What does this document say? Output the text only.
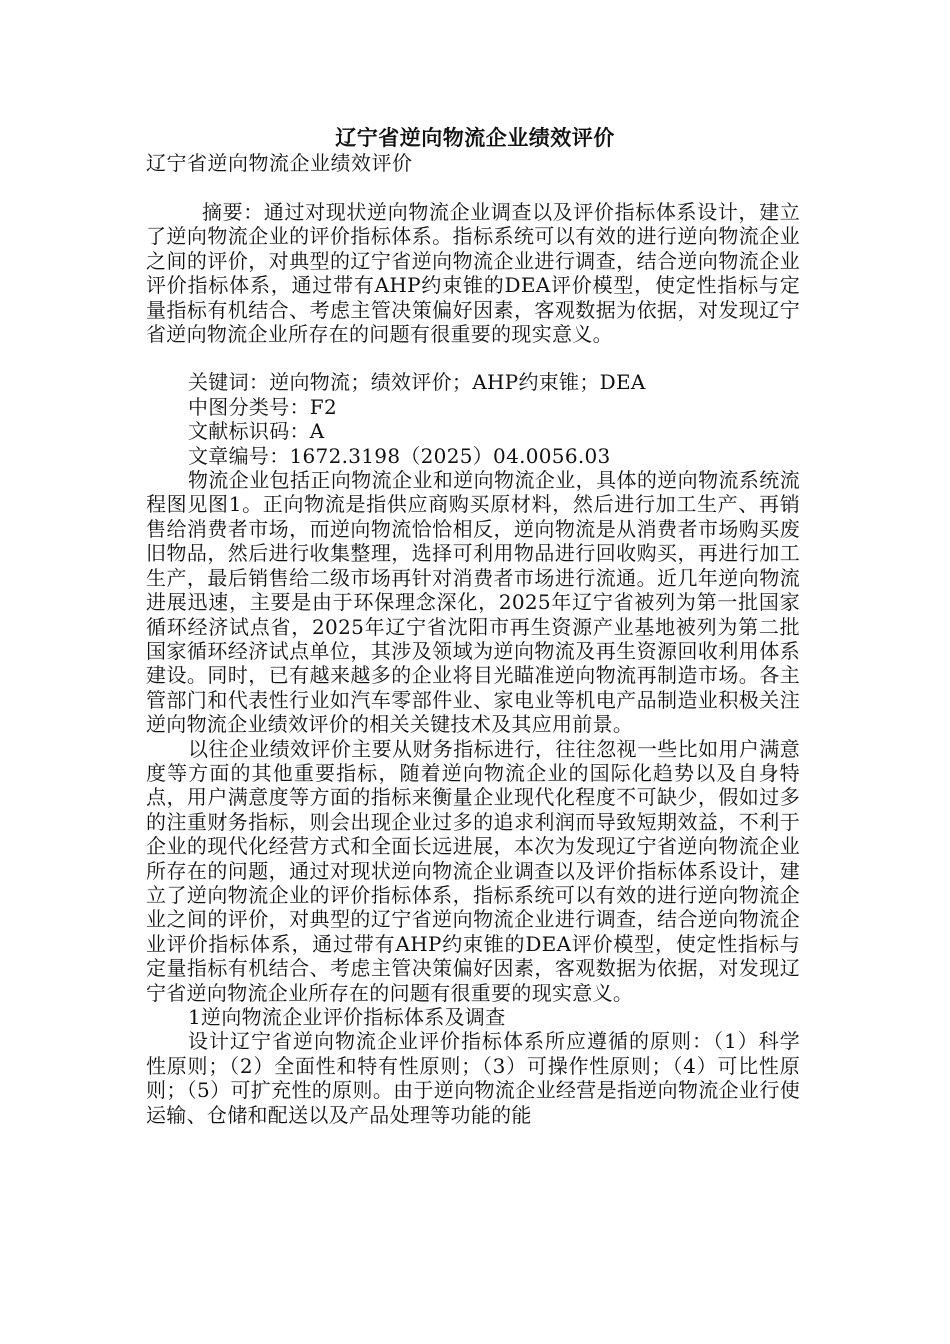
辽宁省逆向物流企业绩效评价
辽宁省逆向物流企业绩效评价

摘要：通过对现状逆向物流企业调查以及评价指标体系设计，建立了逆向物流企业的评价指标体系。指标系统可以有效的进行逆向物流企业之间的评价，对典型的辽宁省逆向物流企业进行调查，结合逆向物流企业评价指标体系，通过带有AHP约束锥的DEA评价模型，使定性指标与定量指标有机结合、考虑主管决策偏好因素，客观数据为依据，对发现辽宁省逆向物流企业所存在的问题有很重要的现实意义。

关键词：逆向物流；绩效评价；AHP约束锥；DEA

中图分类号：F2

文献标识码：A

文章编号：1672.3198（2025）04.0056.03

物流企业包括正向物流企业和逆向物流企业，具体的逆向物流系统流程图见图1。正向物流是指供应商购买原材料，然后进行加工生产、再销售给消费者市场，而逆向物流恰恰相反，逆向物流是从消费者市场购买废旧物品，然后进行收集整理，选择可利用物品进行回收购买，再进行加工生产，最后销售给二级市场再针对消费者市场进行流通。近几年逆向物流进展迅速，主要是由于环保理念深化，2025年辽宁省被列为第一批国家循环经济试点省，2025年辽宁省沈阳市再生资源产业基地被列为第二批国家循环经济试点单位，其涉及领域为逆向物流及再生资源回收利用体系建设。同时，已有越来越多的企业将目光瞄准逆向物流再制造市场。各主管部门和代表性行业如汽车零部件业、家电业等机电产品制造业积极关注逆向物流企业绩效评价的相关关键技术及其应用前景。

以往企业绩效评价主要从财务指标进行，往往忽视一些比如用户满意度等方面的其他重要指标，随着逆向物流企业的国际化趋势以及自身特点，用户满意度等方面的指标来衡量企业现代化程度不可缺少，假如过多的注重财务指标，则会出现企业过多的追求利润而导致短期效益，不利于企业的现代化经营方式和全面长远进展，本次为发现辽宁省逆向物流企业所存在的问题，通过对现状逆向物流企业调查以及评价指标体系设计，建立了逆向物流企业的评价指标体系，指标系统可以有效的进行逆向物流企业之间的评价，对典型的辽宁省逆向物流企业进行调查，结合逆向物流企业评价指标体系，通过带有AHP约束锥的DEA评价模型，使定性指标与定量指标有机结合、考虑主管决策偏好因素，客观数据为依据，对发现辽宁省逆向物流企业所存在的问题有很重要的现实意义。

1逆向物流企业评价指标体系及调查

设计辽宁省逆向物流企业评价指标体系所应遵循的原则：（1）科学性原则；（2）全面性和特有性原则；（3）可操作性原则；（4）可比性原则；（5）可扩充性的原则。由于逆向物流企业经营是指逆向物流企业行使运输、仓储和配送以及产品处理等功能的能
